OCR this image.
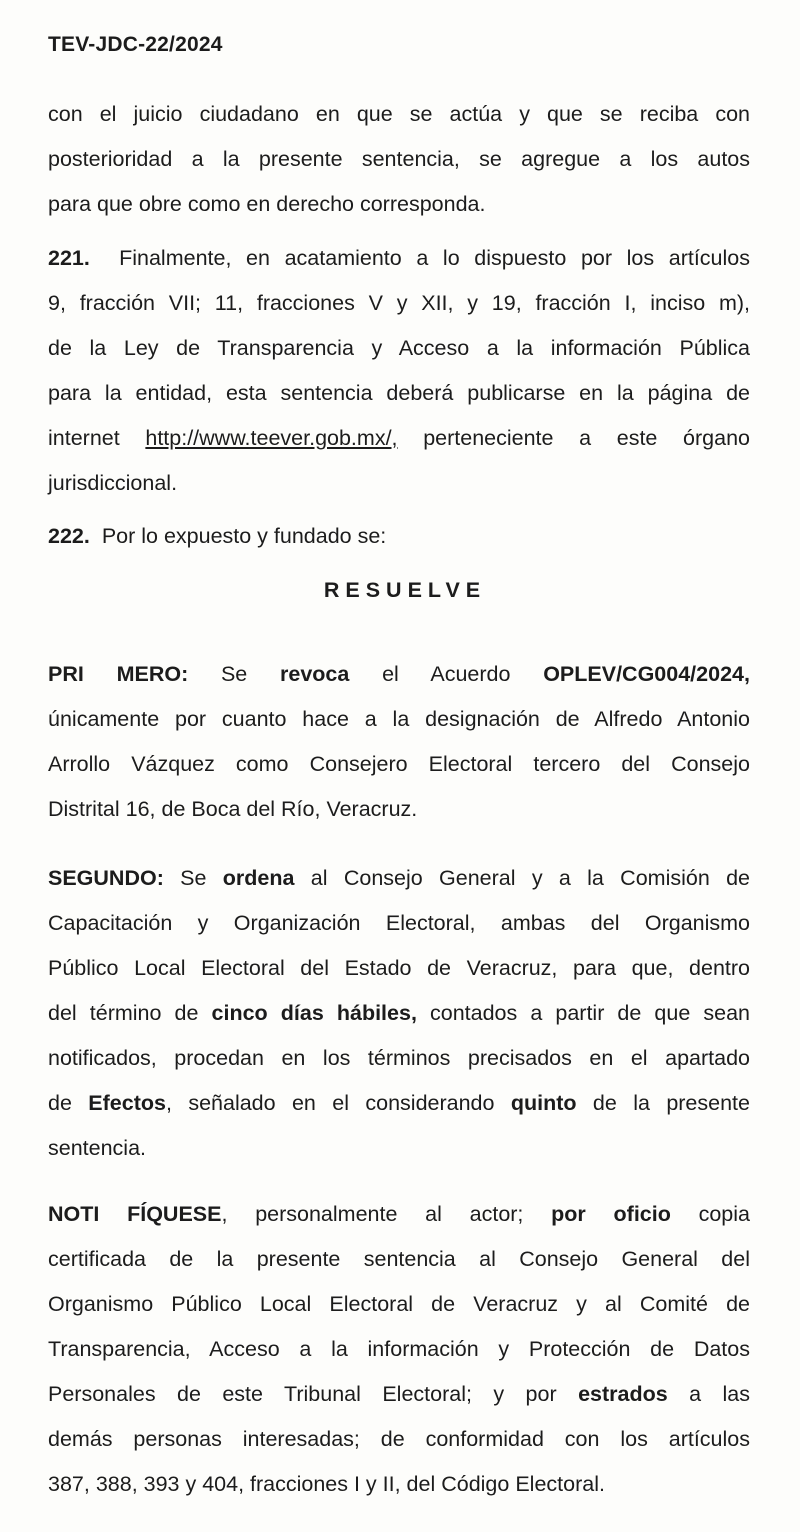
TEV-JDC-22/2024
con el juicio ciudadano en que se actúa y que se reciba con
posterioridad a la presente sentencia, se agregue a los autos
para que obre como en derecho corresponda.
221. Finalmente, en acatamiento a lo dispuesto por los artículos
9, fracción VII; 11, fracciones V y XII, y 19, fracción I, inciso m),
de la Ley de Transparencia y Acceso a la información Pública
para la entidad, esta sentencia deberá publicarse en la página de
internet http://www.teever.gob.mx/, perteneciente a este órgano
jurisdiccional.
222. Por lo expuesto y fundado se:
RESUELVE
PRI MERO: Se revoca el Acuerdo OPLEV/CG004/2024,
únicamente por cuanto hace a la designación de Alfredo Antonio
Arrollo Vázquez como Consejero Electoral tercero del Consejo
Distrital 16, de Boca del Río, Veracruz.
SEGUNDO: Se ordena al Consejo General y a la Comisión de
Capacitación y Organización Electoral, ambas del Organismo
Público Local Electoral del Estado de Veracruz, para que, dentro
del término de cinco días hábiles, contados a partir de que sean
notificados, procedan en los términos precisados en el apartado
de Efectos, señalado en el considerando quinto de la presente
sentencia.
NOTI FÍQUESE, personalmente al actor; por oficio copia
certificada de la presente sentencia al Consejo General del
Organismo Público Local Electoral de Veracruz y al Comité de
Transparencia, Acceso a la información y Protección de Datos
Personales de este Tribunal Electoral; y por estrados a las
demás personas interesadas; de conformidad con los artículos
387, 388, 393 y 404, fracciones I y II, del Código Electoral.
